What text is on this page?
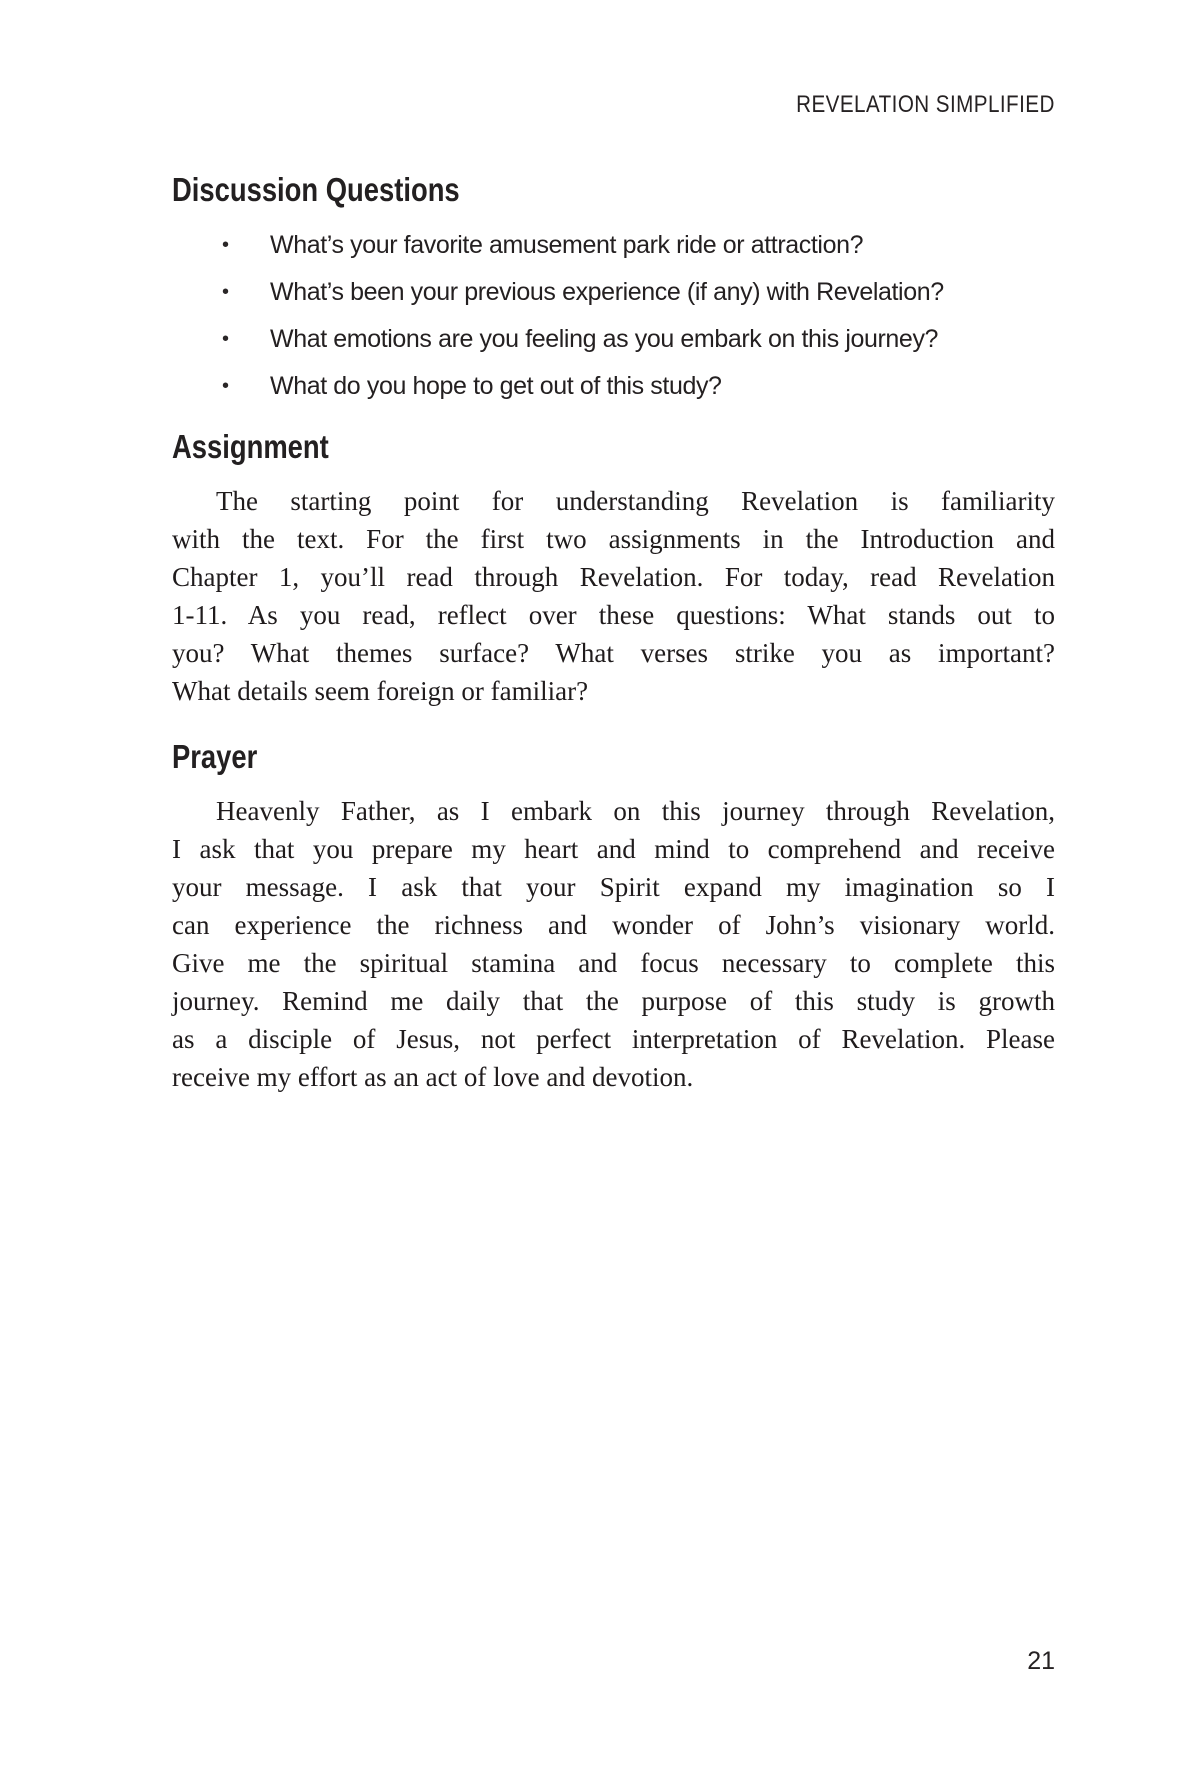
REVELATION SIMPLIFIED
Discussion Questions
• What’s your favorite amusement park ride or attraction?
• What’s been your previous experience (if any) with Revelation?
• What emotions are you feeling as you embark on this journey?
• What do you hope to get out of this study?
Assignment
The starting point for understanding Revelation is familiarity
with the text. For the first two assignments in the Introduction and
Chapter 1, you’ll read through Revelation. For today, read Revelation
1-11. As you read, reflect over these questions: What stands out to
you? What themes surface? What verses strike you as important?
What details seem foreign or familiar?
Prayer
Heavenly Father, as I embark on this journey through Revelation,
I ask that you prepare my heart and mind to comprehend and receive
your message. I ask that your Spirit expand my imagination so I
can experience the richness and wonder of John’s visionary world.
Give me the spiritual stamina and focus necessary to complete this
journey. Remind me daily that the purpose of this study is growth
as a disciple of Jesus, not perfect interpretation of Revelation. Please
receive my effort as an act of love and devotion.
21
